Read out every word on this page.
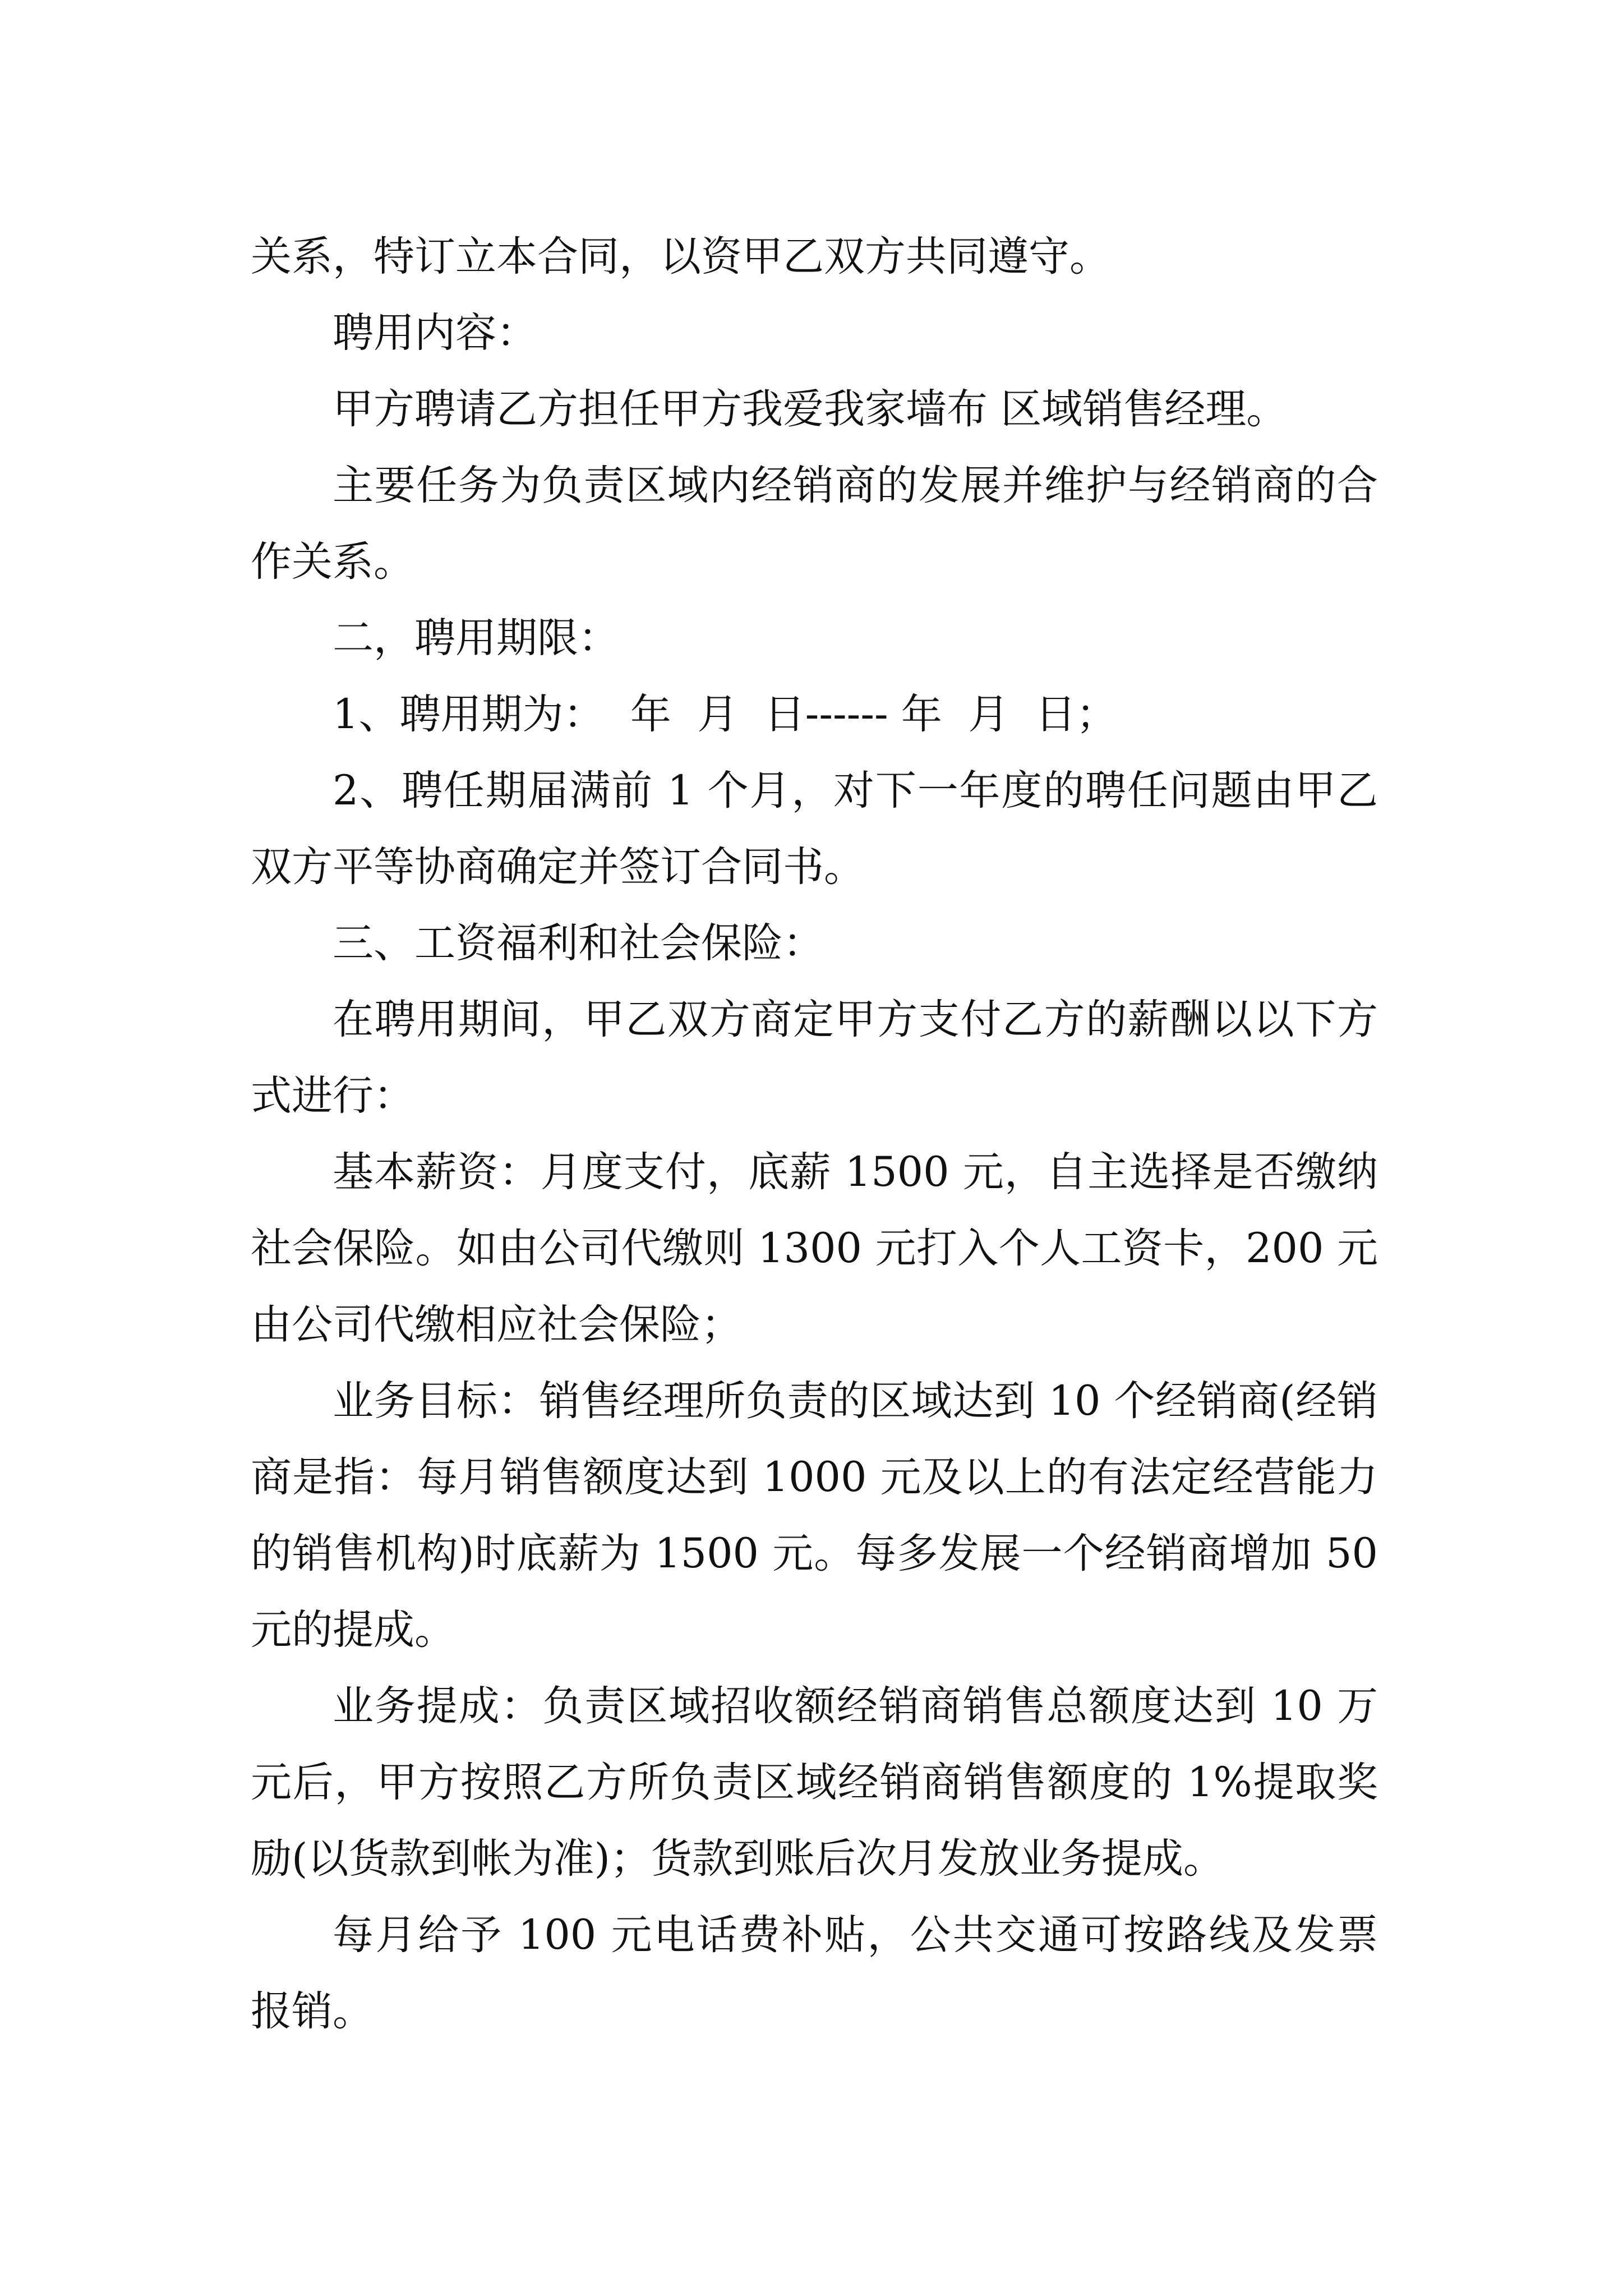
关系，特订立本合同，以资甲乙双方共同遵守。

聘用内容：

甲方聘请乙方担任甲方我爱我家墙布 区域销售经理。

主要任务为负责区域内经销商的发展并维护与经销商的合作关系。

二，聘用期限：

1、聘用期为：  年  月  日------ 年  月  日；

2、聘任期届满前 1 个月，对下一年度的聘任问题由甲乙双方平等协商确定并签订合同书。

三、工资福利和社会保险：

在聘用期间，甲乙双方商定甲方支付乙方的薪酬以以下方式进行：

基本薪资：月度支付，底薪 1500 元，自主选择是否缴纳社会保险。如由公司代缴则 1300 元打入个人工资卡，200 元由公司代缴相应社会保险；

业务目标：销售经理所负责的区域达到 10 个经销商(经销商是指：每月销售额度达到 1000 元及以上的有法定经营能力的销售机构)时底薪为 1500 元。每多发展一个经销商增加 50 元的提成。

业务提成：负责区域招收额经销商销售总额度达到 10 万元后，甲方按照乙方所负责区域经销商销售额度的 1%提取奖励(以货款到帐为准)；货款到账后次月发放业务提成。

每月给予 100 元电话费补贴，公共交通可按路线及发票报销。
